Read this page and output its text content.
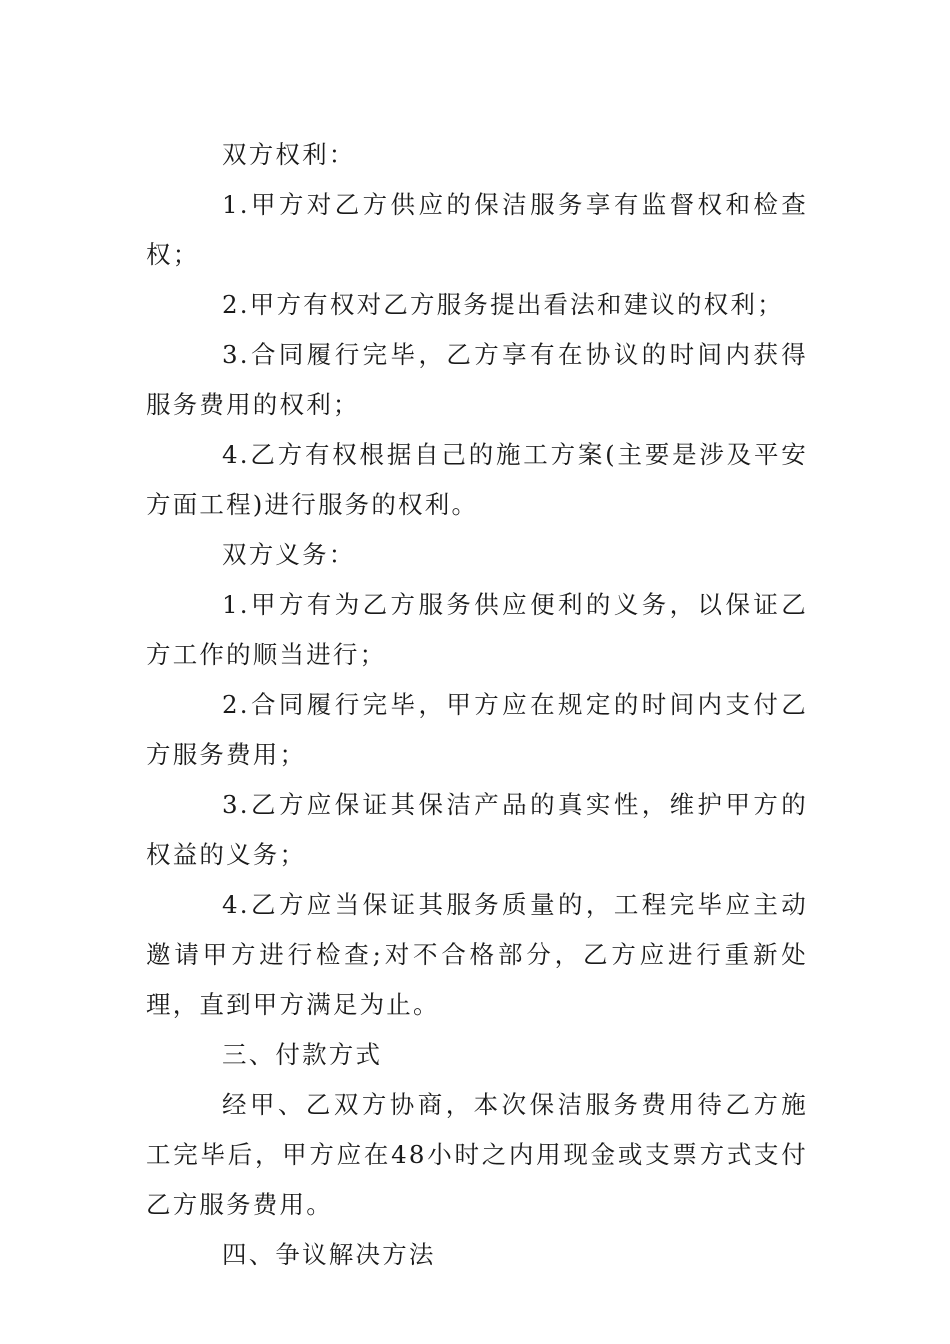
双方权利：

1.甲方对乙方供应的保洁服务享有监督权和检查权；

2.甲方有权对乙方服务提出看法和建议的权利；

3.合同履行完毕，乙方享有在协议的时间内获得服务费用的权利；

4.乙方有权根据自己的施工方案(主要是涉及平安方面工程)进行服务的权利。

双方义务：

1.甲方有为乙方服务供应便利的义务，以保证乙方工作的顺当进行；

2.合同履行完毕，甲方应在规定的时间内支付乙方服务费用；

3.乙方应保证其保洁产品的真实性，维护甲方的权益的义务；

4.乙方应当保证其服务质量的，工程完毕应主动邀请甲方进行检查;对不合格部分，乙方应进行重新处理，直到甲方满足为止。

三、付款方式

经甲、乙双方协商，本次保洁服务费用待乙方施工完毕后，甲方应在48小时之内用现金或支票方式支付乙方服务费用。

四、争议解决方法
